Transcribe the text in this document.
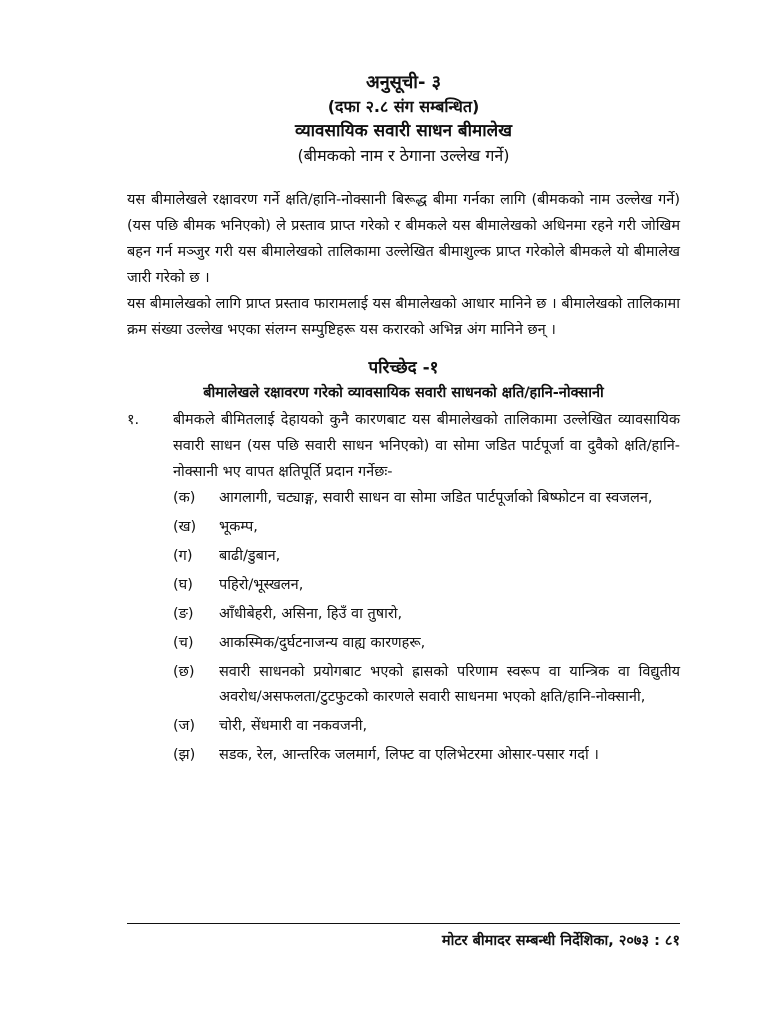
अनुसूची- ३
(दफा २.८ संग सम्बन्धित)
व्यावसायिक सवारी साधन बीमालेख
(बीमकको नाम र ठेगाना उल्लेख गर्ने)

यस बीमालेखले रक्षावरण गर्ने क्षति/हानि-नोक्सानी बिरूद्ध बीमा गर्नका लागि (बीमकको नाम उल्लेख गर्ने) (यस पछि बीमक भनिएको) ले प्रस्ताव प्राप्त गरेको र बीमकले यस बीमालेखको अधिनमा रहने गरी जोखिम बहन गर्न मञ्जुर गरी यस बीमालेखको तालिकामा उल्लेखित बीमाशुल्क प्राप्त गरेकोले बीमकले यो बीमालेख जारी गरेको छ ।

यस बीमालेखको लागि प्राप्त प्रस्ताव फारामलाई यस बीमालेखको आधार मानिने छ । बीमालेखको तालिकामा क्रम संख्या उल्लेख भएका संलग्न सम्पुष्टिहरू यस करारको अभिन्न अंग मानिने छन् ।

परिच्छेद -१
बीमालेखले रक्षावरण गरेको व्यावसायिक सवारी साधनको क्षति/हानि-नोक्सानी
१.	बीमकले बीमितलाई देहायको कुनै कारणबाट यस बीमालेखको तालिकामा उल्लेखित व्यावसायिक सवारी साधन (यस पछि सवारी साधन भनिएको) वा सोमा जडित पार्टपूर्जा वा दुवैको क्षति/हानि-नोक्सानी भए वापत क्षतिपूर्ति प्रदान गर्नेछः-
(क)	आगलागी, चट्याङ्ग, सवारी साधन वा सोमा जडित पार्टपूर्जाको बिष्फोटन वा स्वजलन,
(ख)	भूकम्प,
(ग)	बाढी/डुबान,
(घ)	पहिरो/भूस्खलन,
(ङ)	आँधीबेहरी, असिना, हिउँ वा तुषारो,
(च)	आकस्मिक/दुर्घटनाजन्य वाह्य कारणहरू,
(छ)	सवारी साधनको प्रयोगबाट भएको ह्रासको परिणाम स्वरूप वा यान्त्रिक वा विद्युतीय अवरोध/असफलता/टुटफुटको कारणले सवारी साधनमा भएको क्षति/हानि-नोक्सानी,
(ज)	चोरी, सेंधमारी वा नकवजनी,
(झ)	सडक, रेल, आन्तरिक जलमार्ग, लिफ्ट वा एलिभेटरमा ओसार-पसार गर्दा ।
मोटर बीमादर सम्बन्धी निर्देशिका, २०७३ : ८१
